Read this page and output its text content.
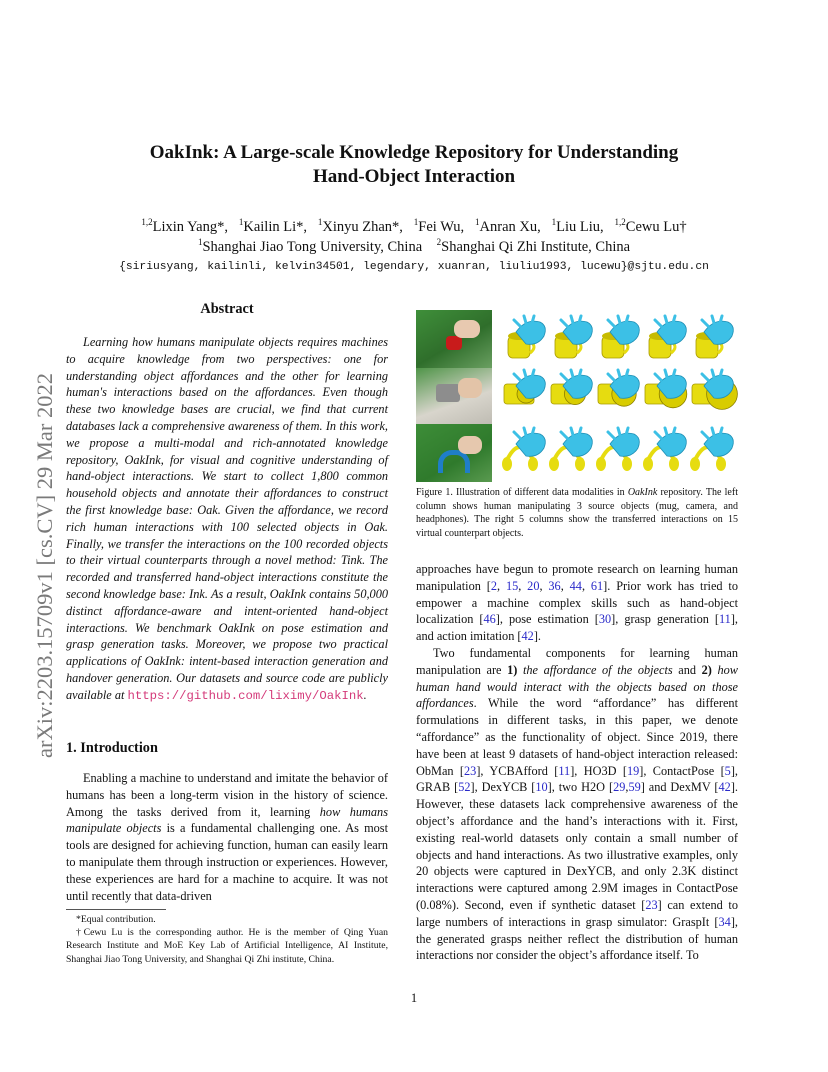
arXiv:2203.15709v1 [cs.CV] 29 Mar 2022
OakInk: A Large-scale Knowledge Repository for Understanding
Hand-Object Interaction
$^{1,2}$Lixin Yang*, $^1$Kailin Li*, $^1$Xinyu Zhan*, $^1$Fei Wu, $^1$Anran Xu, $^1$Liu Liu, $^{1,2}$Cewu Lu†
$^1$Shanghai Jiao Tong University, China $^2$Shanghai Qi Zhi Institute, China
{siriusyang, kailinli, kelvin34501, legendary, xuanran, liuliu1993, lucewu}@sjtu.edu.cn
Abstract
Learning how humans manipulate objects requires machines to acquire knowledge from two perspectives: one for understanding object affordances and the other for learning human's interactions based on the affordances. Even though these two knowledge bases are crucial, we find that current databases lack a comprehensive awareness of them. In this work, we propose a multi-modal and rich-annotated knowledge repository, OakInk, for visual and cognitive understanding of hand-object interactions. We start to collect 1,800 common household objects and annotate their affordances to construct the first knowledge base: Oak. Given the affordance, we record rich human interactions with 100 selected objects in Oak. Finally, we transfer the interactions on the 100 recorded objects to their virtual counterparts through a novel method: Tink. The recorded and transferred hand-object interactions constitute the second knowledge base: Ink. As a result, OakInk contains 50,000 distinct affordance-aware and intent-oriented hand-object interactions. We benchmark OakInk on pose estimation and grasp generation tasks. Moreover, we propose two practical applications of OakInk: intent-based interaction generation and handover generation. Our datasets and source code are publicly available at https://github.com/liximy/OakInk.
1. Introduction

Enabling a machine to understand and imitate the behavior of humans has been a long-term vision in the history of science. Among the tasks derived from it, learning how humans manipulate objects is a fundamental challenging one. As most tools are designed for achieving function, human can easily learn to manipulate them through instruction or experiences. However, these experiences are hard for a machine to acquire. It was not until recently that data-driven

*Equal contribution.

†Cewu Lu is the corresponding author. He is the member of Qing Yuan Research Institute and MoE Key Lab of Artificial Intelligence, AI Institute, Shanghai Jiao Tong University, and Shanghai Qi Zhi institute, China.

Figure 1. Illustration of different data modalities in OakInk repository. The left column shows human manipulating 3 source objects (mug, camera, and headphones). The right 5 columns show the transferred interactions on 15 virtual counterpart objects.

approaches have begun to promote research on learning human manipulation [2, 15, 20, 36, 44, 61]. Prior work has tried to empower a machine complex skills such as hand-object localization [46], pose estimation [30], grasp generation [11], and action imitation [42].

Two fundamental components for learning human manipulation are 1) the affordance of the objects and 2) how human hand would interact with the objects based on those affordances. While the word “affordance” has different formulations in different tasks, in this paper, we denote “affordance” as the functionality of object. Since 2019, there have been at least 9 datasets of hand-object interaction released: ObMan [23], YCBAfford [11], HO3D [19], ContactPose [5], GRAB [52], DexYCB [10], two H2O [29,59] and DexMV [42]. However, these datasets lack comprehensive awareness of the object’s affordance and the hand’s interactions with it. First, existing real-world datasets only contain a small number of objects and hand interactions. As two illustrative examples, only 20 objects were captured in DexYCB, and only 2.3K distinct interactions were captured among 2.9M images in ContactPose (0.08%). Second, even if synthetic dataset [23] can extend to large numbers of interactions in grasp simulator: GraspIt [34], the generated grasps neither reflect the distribution of human interactions nor consider the object’s affordance itself. To

1
